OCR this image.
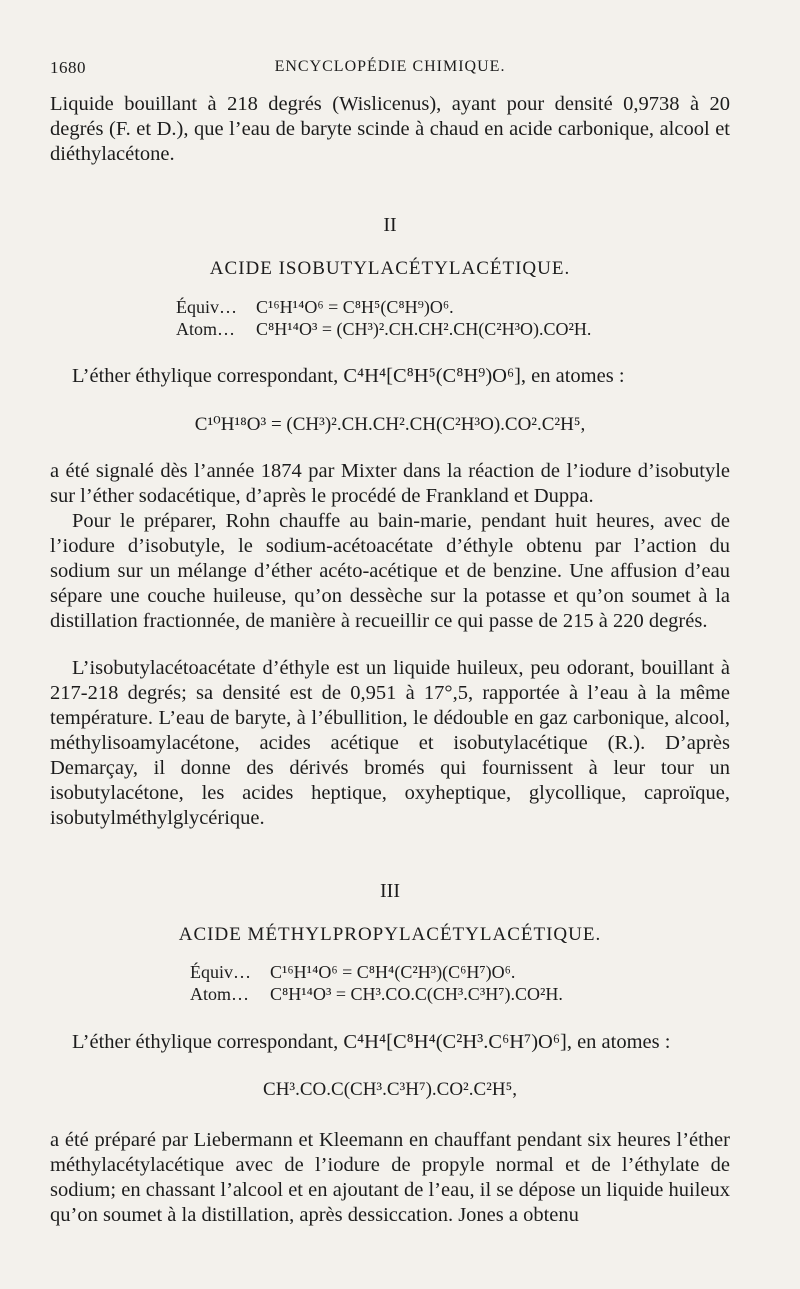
1680	ENCYCLOPÉDIE CHIMIQUE.

Liquide bouillant à 218 degrés (Wislicenus), ayant pour densité 0,9738 à 20 degrés (F. et D.), que l’eau de baryte scinde à chaud en acide carbonique, alcool et diéthylacétone.

II
ACIDE ISOBUTYLACÉTYLACÉTIQUE.
Équiv… C¹⁶H¹⁴O⁶ = C⁸H⁵(C⁸H⁹)O⁶.
Atom… C⁸H¹⁴O³ = (CH³)².CH.CH².CH(C²H³O).CO²H.

L’éther éthylique correspondant, C⁴H⁴[C⁸H⁵(C⁸H⁹)O⁶], en atomes :

C¹⁰H¹⁸O³ = (CH³)².CH.CH².CH(C²H³O).CO².C²H⁵,

a été signalé dès l’année 1874 par Mixter dans la réaction de l’iodure d’isobutyle sur l’éther sodacétique, d’après le procédé de Frankland et Duppa.

Pour le préparer, Rohn chauffe au bain-marie, pendant huit heures, avec de l’iodure d’isobutyle, le sodium-acétoacétate d’éthyle obtenu par l’action du sodium sur un mélange d’éther acéto-acétique et de benzine. Une affusion d’eau sépare une couche huileuse, qu’on dessèche sur la potasse et qu’on soumet à la distillation fractionnée, de manière à recueillir ce qui passe de 215 à 220 degrés.

L’isobutylacétoacétate d’éthyle est un liquide huileux, peu odorant, bouillant à 217-218 degrés; sa densité est de 0,951 à 17°,5, rapportée à l’eau à la même température. L’eau de baryte, à l’ébullition, le dédouble en gaz carbonique, alcool, méthylisoamylacétone, acides acétique et isobutylacétique (R.). D’après Demarçay, il donne des dérivés bromés qui fournissent à leur tour un isobutylacétone, les acides heptique, oxyheptique, glycollique, caproïque, isobutylméthylglycérique.

III
ACIDE MÉTHYLPROPYLACÉTYLACÉTIQUE.
Équiv… C¹⁶H¹⁴O⁶ = C⁸H⁴(C²H³)(C⁶H⁷)O⁶.
Atom… C⁸H¹⁴O³ = CH³.CO.C(CH³.C³H⁷).CO²H.

L’éther éthylique correspondant, C⁴H⁴[C⁸H⁴(C²H³.C⁶H⁷)O⁶], en atomes :

CH³.CO.C(CH³.C³H⁷).CO².C²H⁵,

a été préparé par Liebermann et Kleemann en chauffant pendant six heures l’éther méthylacétylacétique avec de l’iodure de propyle normal et de l’éthylate de sodium; en chassant l’alcool et en ajoutant de l’eau, il se dépose un liquide huileux qu’on soumet à la distillation, après dessiccation. Jones a obtenu
